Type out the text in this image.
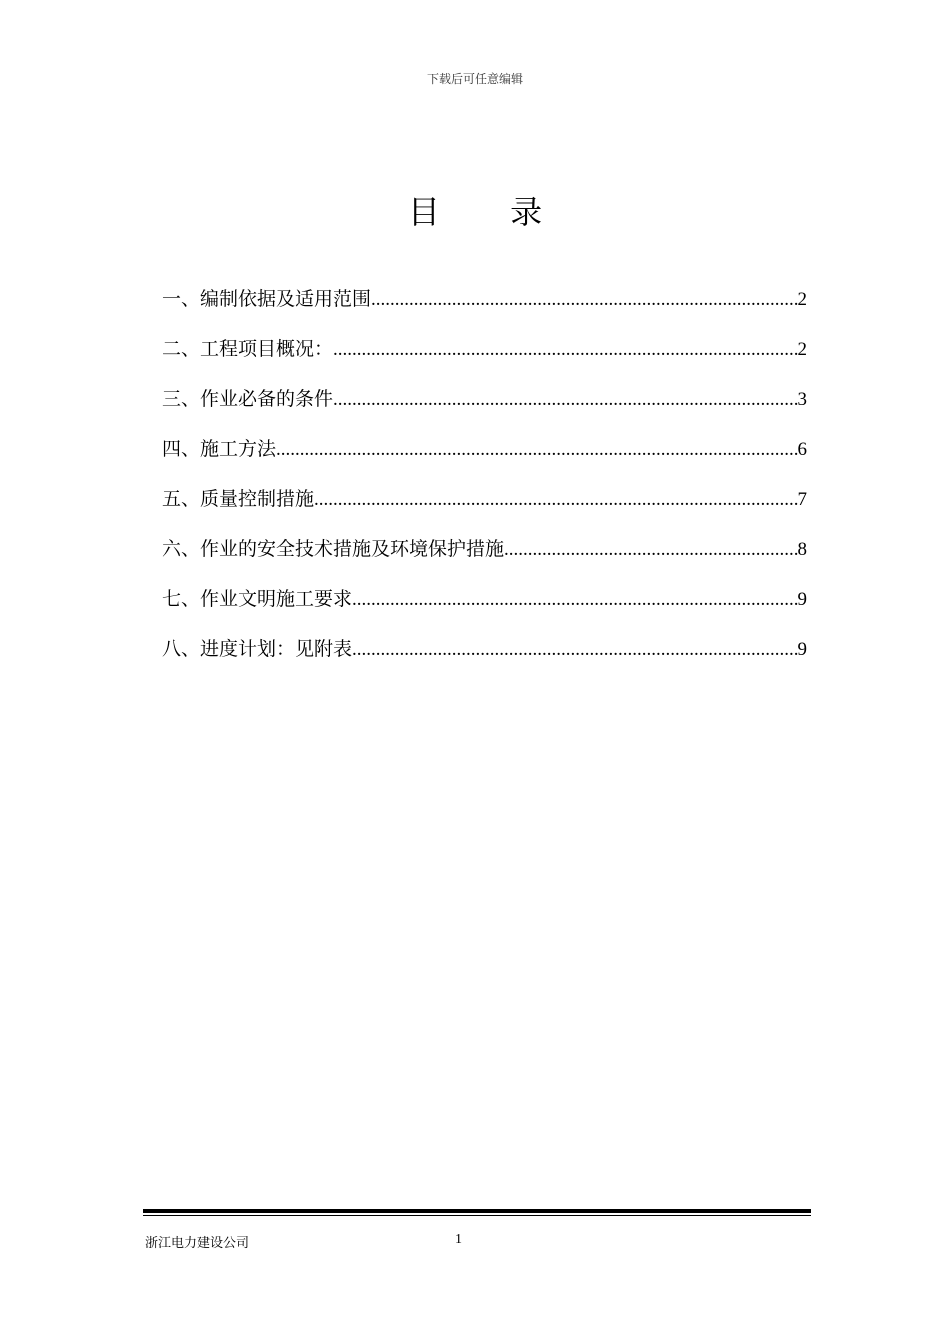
下载后可任意编辑
目 录
一、编制依据及适用范围 .....	2
二、工程项目概况： .....	2
三、作业必备的条件 .....	3
四、施工方法 .....	6
五、质量控制措施 .....	7
六、作业的安全技术措施及环境保护措施 .....	8
七、作业文明施工要求 .....	9
八、进度计划：见附表 .....	9
浙江电力建设公司	1
